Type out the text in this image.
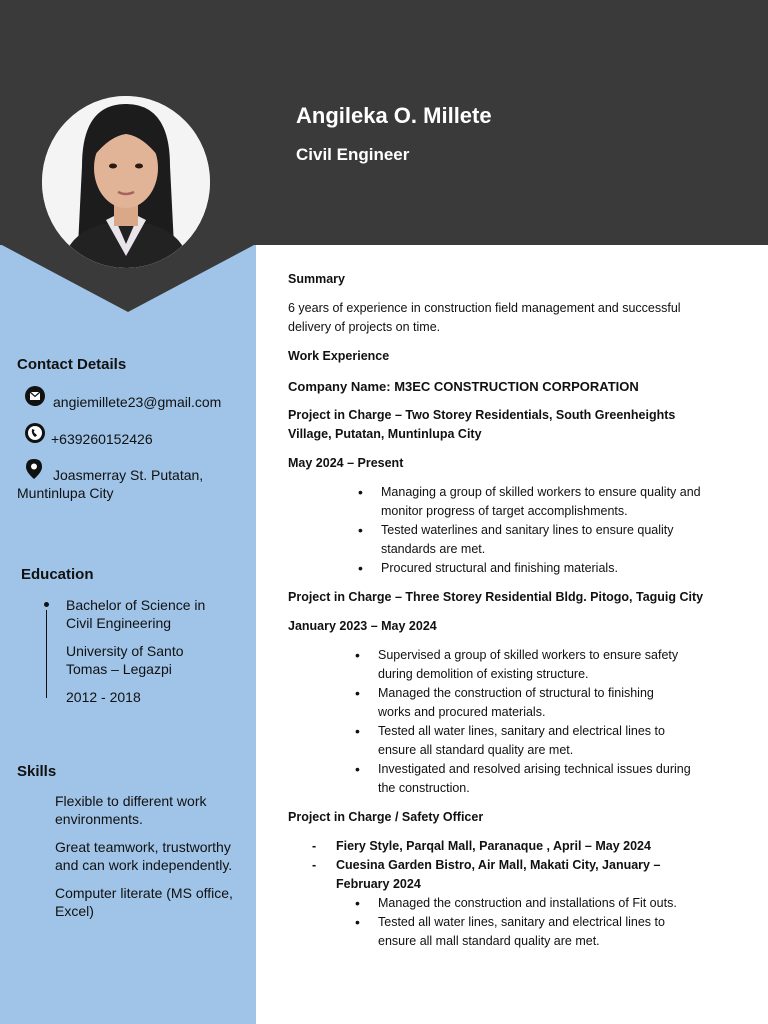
Angileka O. Millete
Civil Engineer
Contact Details
angiemillete23@gmail.com
+639260152426
Joasmerray St. Putatan,
Muntinlupa City
Education

Bachelor of Science in Civil Engineering

University of Santo Tomas – Legazpi

2012 - 2018

Skills

Flexible to different work environments.

Great teamwork, trustworthy and can work independently.

Computer literate (MS office, Excel)

Summary

6 years of experience in construction field management and successful delivery of projects on time.

Work Experience

Company Name: M3EC CONSTRUCTION CORPORATION

Project in Charge – Two Storey Residentials, South Greenheights Village, Putatan, Muntinlupa City

May 2024 – Present

• Managing a group of skilled workers to ensure quality and monitor progress of target accomplishments.

• Tested waterlines and sanitary lines to ensure quality standards are met.

• Procured structural and finishing materials.

Project in Charge – Three Storey Residential Bldg. Pitogo, Taguig City

January 2023 – May 2024

• Supervised a group of skilled workers to ensure safety during demolition of existing structure.

• Managed the construction of structural to finishing works and procured materials.

• Tested all water lines, sanitary and electrical lines to ensure all standard quality are met.

• Investigated and resolved arising technical issues during the construction.

Project in Charge / Safety Officer

- Fiery Style, Parqal Mall, Paranaque , April – May 2024

- Cuesina Garden Bistro, Air Mall, Makati City, January – February 2024

• Managed the construction and installations of Fit outs.

• Tested all water lines, sanitary and electrical lines to ensure all mall standard quality are met.
